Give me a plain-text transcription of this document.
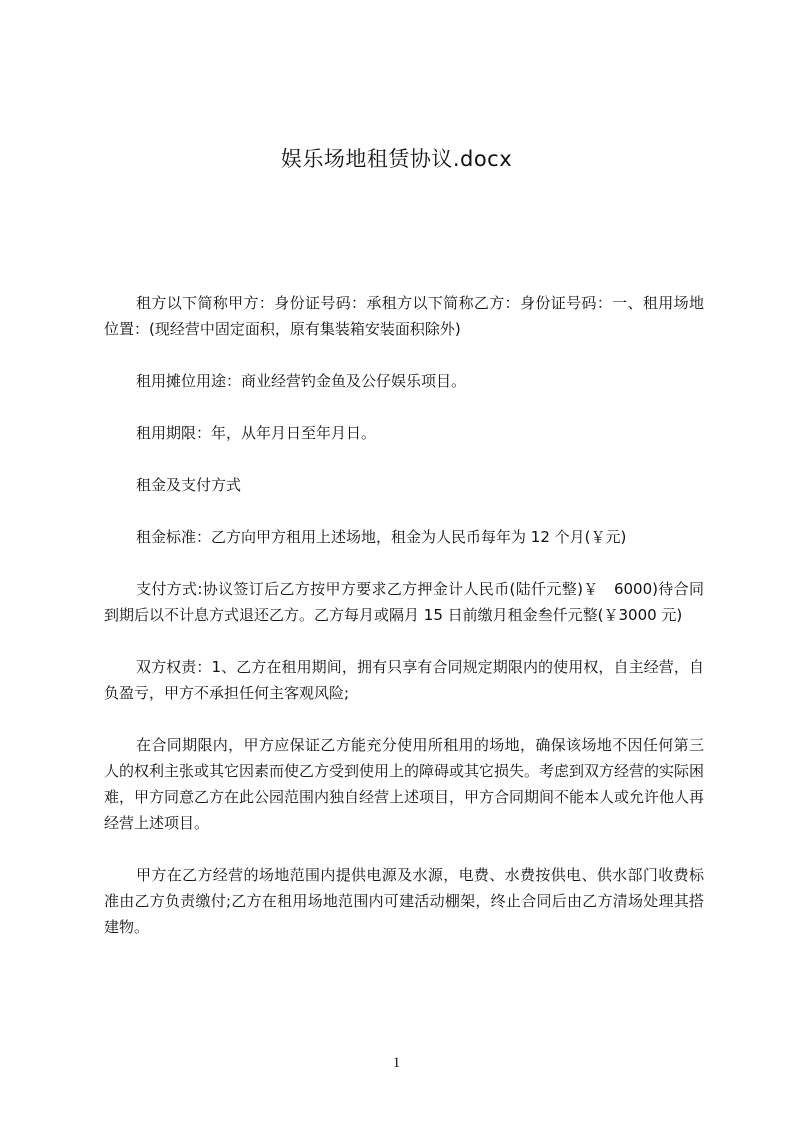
娱乐场地租赁协议.docx

租方以下简称甲方：身份证号码：承租方以下简称乙方：身份证号码：一、租用场地位置：(现经营中固定面积，原有集装箱安装面积除外)

租用摊位用途：商业经营钓金鱼及公仔娱乐项目。

租用期限：年，从年月日至年月日。

租金及支付方式

租金标准：乙方向甲方租用上述场地，租金为人民币每年为 12 个月(￥元)

支付方式:协议签订后乙方按甲方要求乙方押金计人民币(陆仟元整)￥　6000)待合同到期后以不计息方式退还乙方。乙方每月或隔月 15 日前缴月租金叁仟元整(￥3000 元)

双方权责：1、乙方在租用期间，拥有只享有合同规定期限内的使用权，自主经营，自负盈亏，甲方不承担任何主客观风险;

在合同期限内，甲方应保证乙方能充分使用所租用的场地，确保该场地不因任何第三人的权利主张或其它因素而使乙方受到使用上的障碍或其它损失。考虑到双方经营的实际困难，甲方同意乙方在此公园范围内独自经营上述项目，甲方合同期间不能本人或允许他人再经营上述项目。

甲方在乙方经营的场地范围内提供电源及水源，电费、水费按供电、供水部门收费标准由乙方负责缴付;乙方在租用场地范围内可建活动棚架，终止合同后由乙方清场处理其搭建物。

1
